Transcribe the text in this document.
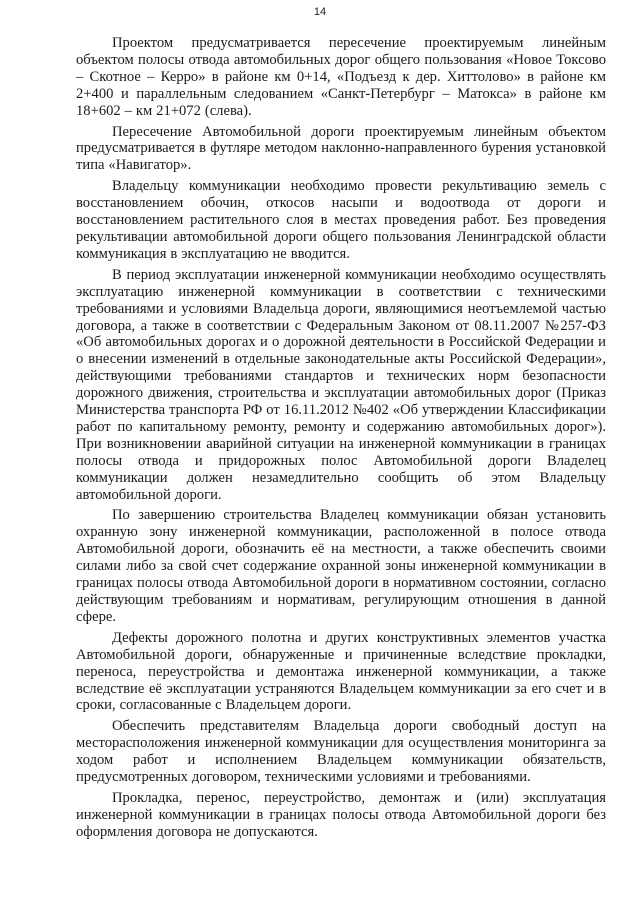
14

Проектом предусматривается пересечение проектируемым линейным объектом полосы отвода автомобильных дорог общего пользования «Новое Токсово – Скотное – Керро» в районе км 0+14, «Подъезд к дер. Хиттолово» в районе км 2+400 и параллельным следованием «Санкт-Петербург – Матокса» в районе км 18+602 – км 21+072 (слева).

Пересечение Автомобильной дороги проектируемым линейным объектом предусматривается в футляре методом наклонно-направленного бурения установкой типа «Навигатор».

Владельцу коммуникации необходимо провести рекультивацию земель с восстановлением обочин, откосов насыпи и водоотвода от дороги и восстановлением растительного слоя в местах проведения работ. Без проведения рекультивации автомобильной дороги общего пользования Ленинградской области коммуникация в эксплуатацию не вводится.

В период эксплуатации инженерной коммуникации необходимо осуществлять эксплуатацию инженерной коммуникации в соответствии с техническими требованиями и условиями Владельца дороги, являющимися неотъемлемой частью договора, а также в соответствии с Федеральным Законом от 08.11.2007 №257-ФЗ «Об автомобильных дорогах и о дорожной деятельности в Российской Федерации и о внесении изменений в отдельные законодательные акты Российской Федерации», действующими требованиями стандартов и технических норм безопасности дорожного движения, строительства и эксплуатации автомобильных дорог (Приказ Министерства транспорта РФ от 16.11.2012 №402 «Об утверждении Классификации работ по капитальному ремонту, ремонту и содержанию автомобильных дорог»). При возникновении аварийной ситуации на инженерной коммуникации в границах полосы отвода и придорожных полос Автомобильной дороги Владелец коммуникации должен незамедлительно сообщить об этом Владельцу автомобильной дороги.

По завершению строительства Владелец коммуникации обязан установить охранную зону инженерной коммуникации, расположенной в полосе отвода Автомобильной дороги, обозначить её на местности, а также обеспечить своими силами либо за свой счет содержание охранной зоны инженерной коммуникации в границах полосы отвода Автомобильной дороги в нормативном состоянии, согласно действующим требованиям и нормативам, регулирующим отношения в данной сфере.

Дефекты дорожного полотна и других конструктивных элементов участка Автомобильной дороги, обнаруженные и причиненные вследствие прокладки, переноса, переустройства и демонтажа инженерной коммуникации, а также вследствие её эксплуатации устраняются Владельцем коммуникации за его счет и в сроки, согласованные с Владельцем дороги.

Обеспечить представителям Владельца дороги свободный доступ на месторасположения инженерной коммуникации для осуществления мониторинга за ходом работ и исполнением Владельцем коммуникации обязательств, предусмотренных договором, техническими условиями и требованиями.

Прокладка, перенос, переустройство, демонтаж и (или) эксплуатация инженерной коммуникации в границах полосы отвода Автомобильной дороги без оформления договора не допускаются.
